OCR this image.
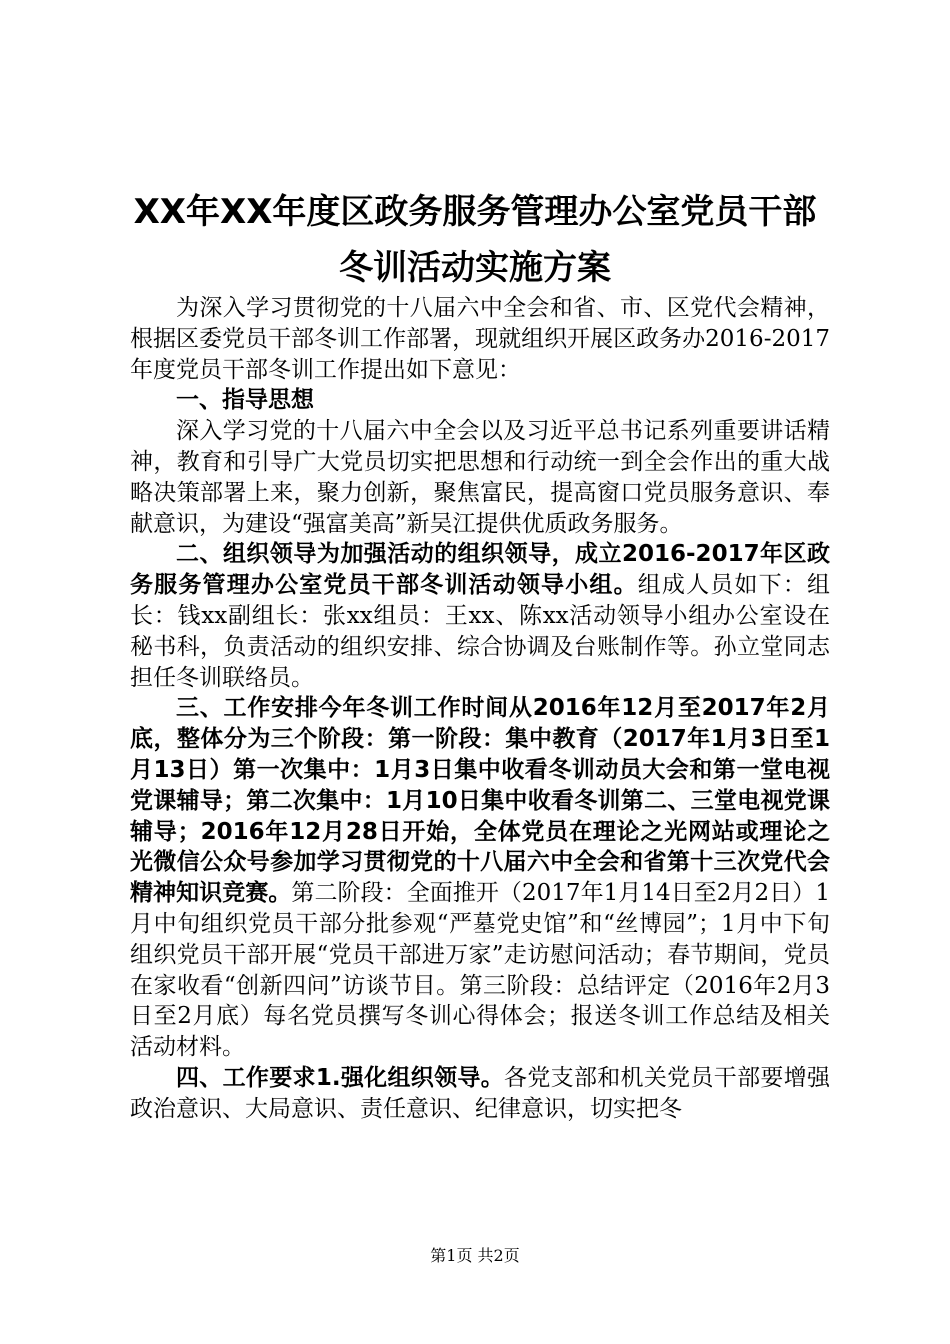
XX年XX年度区政务服务管理办公室党员干部
冬训活动实施方案

为深入学习贯彻党的十八届六中全会和省、市、区党代会精神，根据区委党员干部冬训工作部署，现就组织开展区政务办2016-2017年度党员干部冬训工作提出如下意见：

一、指导思想

深入学习党的十八届六中全会以及习近平总书记系列重要讲话精神，教育和引导广大党员切实把思想和行动统一到全会作出的重大战略决策部署上来，聚力创新，聚焦富民，提高窗口党员服务意识、奉献意识，为建设“强富美高”新吴江提供优质政务服务。

二、组织领导为加强活动的组织领导，成立2016-2017年区政务服务管理办公室党员干部冬训活动领导小组。组成人员如下：组长：钱xx副组长：张xx组员：王xx、陈xx活动领导小组办公室设在秘书科，负责活动的组织安排、综合协调及台账制作等。孙立堂同志担任冬训联络员。

三、工作安排今年冬训工作时间从2016年12月至2017年2月底，整体分为三个阶段：第一阶段：集中教育（2017年1月3日至1月13日）第一次集中：1月3日集中收看冬训动员大会和第一堂电视党课辅导；第二次集中：1月10日集中收看冬训第二、三堂电视党课辅导；2016年12月28日开始，全体党员在理论之光网站或理论之光微信公众号参加学习贯彻党的十八届六中全会和省第十三次党代会精神知识竞赛。第二阶段：全面推开（2017年1月14日至2月2日）1月中旬组织党员干部分批参观“严墓党史馆”和“丝博园”；1月中下旬组织党员干部开展“党员干部进万家”走访慰问活动；春节期间，党员在家收看“创新四问”访谈节目。第三阶段：总结评定（2016年2月3日至2月底）每名党员撰写冬训心得体会；报送冬训工作总结及相关活动材料。

四、工作要求1.强化组织领导。各党支部和机关党员干部要增强政治意识、大局意识、责任意识、纪律意识，切实把冬

第1页 共2页
